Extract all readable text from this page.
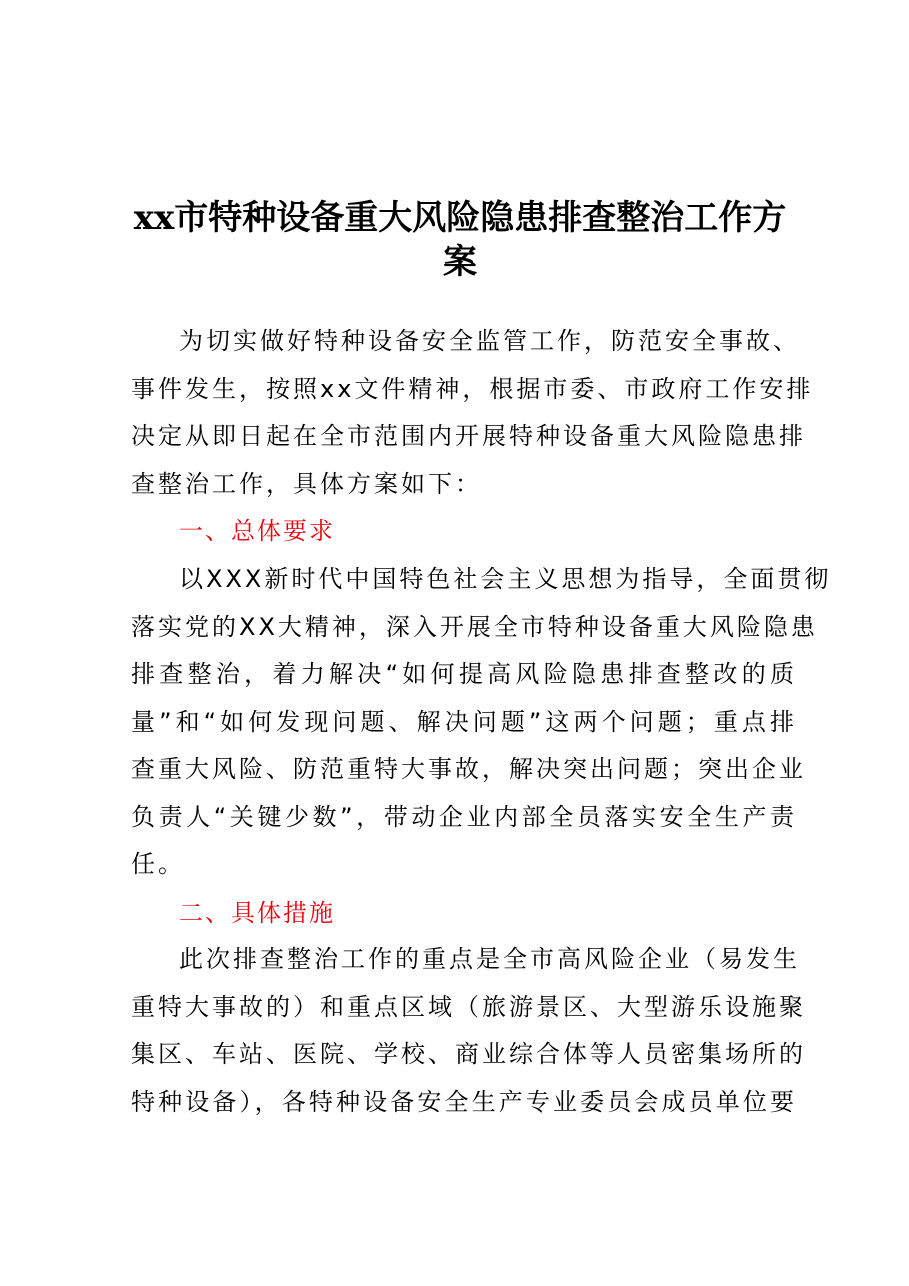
xx市特种设备重大风险隐患排查整治工作方
案
为切实做好特种设备安全监管工作，防范安全事故、
事件发生，按照xx文件精神，根据市委、市政府工作安排
决定从即日起在全市范围内开展特种设备重大风险隐患排
查整治工作，具体方案如下：
一、总体要求
以XXX新时代中国特色社会主义思想为指导，全面贯彻
落实党的XX大精神，深入开展全市特种设备重大风险隐患
排查整治，着力解决“如何提高风险隐患排查整改的质
量”和“如何发现问题、解决问题”这两个问题；重点排
查重大风险、防范重特大事故，解决突出问题；突出企业
负责人“关键少数”，带动企业内部全员落实安全生产责
任。
二、具体措施
此次排查整治工作的重点是全市高风险企业（易发生
重特大事故的）和重点区域（旅游景区、大型游乐设施聚
集区、车站、医院、学校、商业综合体等人员密集场所的
特种设备），各特种设备安全生产专业委员会成员单位要
